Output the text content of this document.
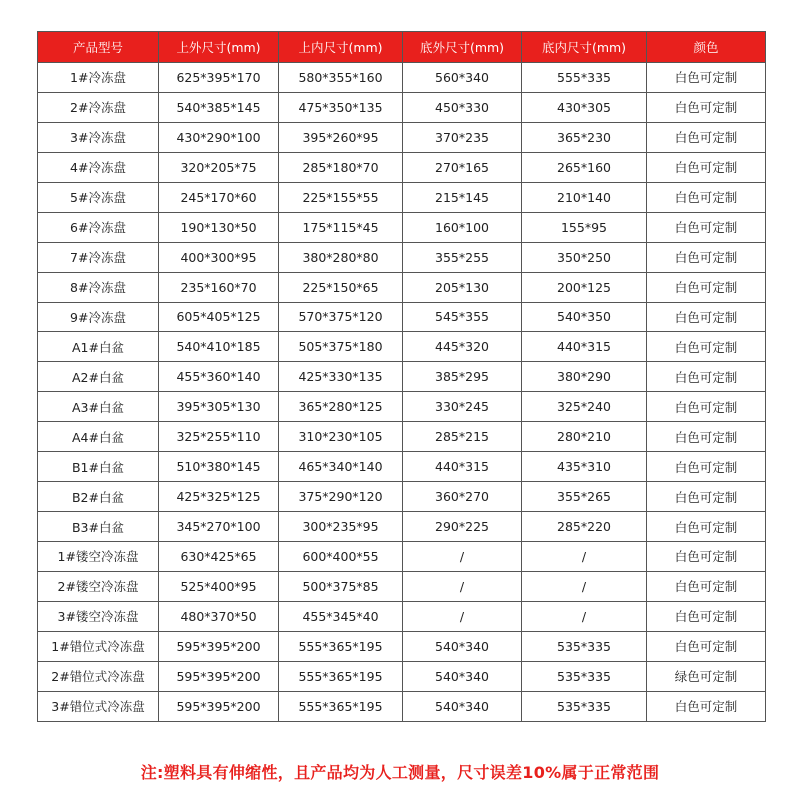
产品型号	上外尺寸(mm)	上内尺寸(mm)	底外尺寸(mm)	底内尺寸(mm)	颜色
1#冷冻盘	625*395*170	580*355*160	560*340	555*335	白色可定制
2#冷冻盘	540*385*145	475*350*135	450*330	430*305	白色可定制
3#冷冻盘	430*290*100	395*260*95	370*235	365*230	白色可定制
4#冷冻盘	320*205*75	285*180*70	270*165	265*160	白色可定制
5#冷冻盘	245*170*60	225*155*55	215*145	210*140	白色可定制
6#冷冻盘	190*130*50	175*115*45	160*100	155*95	白色可定制
7#冷冻盘	400*300*95	380*280*80	355*255	350*250	白色可定制
8#冷冻盘	235*160*70	225*150*65	205*130	200*125	白色可定制
9#冷冻盘	605*405*125	570*375*120	545*355	540*350	白色可定制
A1#白盆	540*410*185	505*375*180	445*320	440*315	白色可定制
A2#白盆	455*360*140	425*330*135	385*295	380*290	白色可定制
A3#白盆	395*305*130	365*280*125	330*245	325*240	白色可定制
A4#白盆	325*255*110	310*230*105	285*215	280*210	白色可定制
B1#白盆	510*380*145	465*340*140	440*315	435*310	白色可定制
B2#白盆	425*325*125	375*290*120	360*270	355*265	白色可定制
B3#白盆	345*270*100	300*235*95	290*225	285*220	白色可定制
1#镂空冷冻盘	630*425*65	600*400*55	/	/	白色可定制
2#镂空冷冻盘	525*400*95	500*375*85	/	/	白色可定制
3#镂空冷冻盘	480*370*50	455*345*40	/	/	白色可定制
1#错位式冷冻盘	595*395*200	555*365*195	540*340	535*335	白色可定制
2#错位式冷冻盘	595*395*200	555*365*195	540*340	535*335	绿色可定制
3#错位式冷冻盘	595*395*200	555*365*195	540*340	535*335	白色可定制
注:塑料具有伸缩性，且产品均为人工测量，尺寸误差10%属于正常范围
